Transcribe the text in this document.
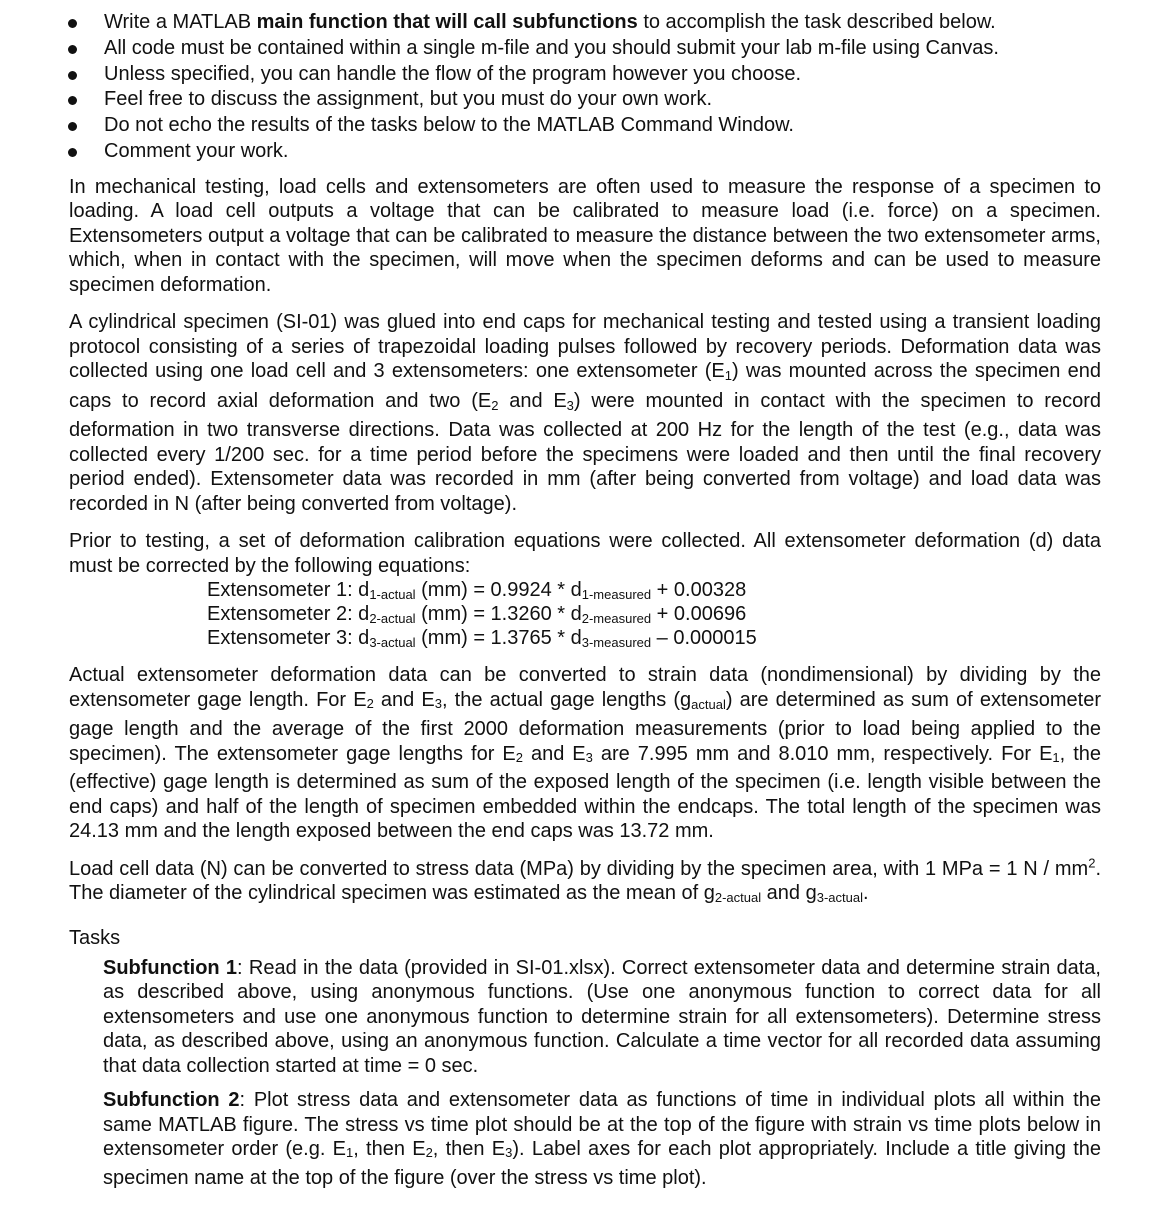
Write a MATLAB main function that will call subfunctions to accomplish the task described below.
All code must be contained within a single m-file and you should submit your lab m-file using Canvas.
Unless specified, you can handle the flow of the program however you choose.
Feel free to discuss the assignment, but you must do your own work.
Do not echo the results of the tasks below to the MATLAB Command Window.
Comment your work.

In mechanical testing, load cells and extensometers are often used to measure the response of a specimen to loading. A load cell outputs a voltage that can be calibrated to measure load (i.e. force) on a specimen. Extensometers output a voltage that can be calibrated to measure the distance between the two extensometer arms, which, when in contact with the specimen, will move when the specimen deforms and can be used to measure specimen deformation.

A cylindrical specimen (SI-01) was glued into end caps for mechanical testing and tested using a transient loading protocol consisting of a series of trapezoidal loading pulses followed by recovery periods. Deformation data was collected using one load cell and 3 extensometers: one extensometer $(E_1)$ was mounted across the specimen end caps to record axial deformation and two ($E_2$ and $E_3$) were mounted in contact with the specimen to record deformation in two transverse directions. Data was collected at 200 Hz for the length of the test (e.g., data was collected every 1/200 sec. for a time period before the specimens were loaded and then until the final recovery period ended). Extensometer data was recorded in mm (after being converted from voltage) and load data was recorded in N (after being converted from voltage).

Prior to testing, a set of deformation calibration equations were collected. All extensometer deformation (d) data must be corrected by the following equations:

Extensometer 1: $d_{1-actual}$ $(mm) = 0.9924 * d_{1-measured} + 0.00328$
Extensometer 2: $d_{2-actual}$ $(mm) = 1.3260 * d_{2-measured} + 0.00696$
Extensometer 3: $d_{3-actual}$ $(mm) = 1.3765 * d_{3-measured} - 0.000015$

Actual extensometer deformation data can be converted to strain data (nondimensional) by dividing by the extensometer gage length. For E2 and E3, the actual gage lengths $(g_{actual})$ are determined as sum of extensometer gage length and the average of the first 2000 deformation measurements (prior to load being applied to the specimen). The extensometer gage lengths for E2 and E3 are 7.995 mm and 8.010 mm, respectively. For E1, the (effective) gage length is determined as sum of the exposed length of the specimen (i.e. length visible between the end caps) and half of the length of specimen embedded within the endcaps. The total length of the specimen was 24.13 mm and the length exposed between the end caps was 13.72 mm.

Load cell data (N) can be converted to stress data (MPa) by dividing by the specimen area, with 1 MPa = 1 N / $mm^2$. The diameter of the cylindrical specimen was estimated as the mean of $g_{2-actual}$ and $g_{3-actual}$.

Tasks

Subfunction 1: Read in the data (provided in SI-01.xlsx). Correct extensometer data and determine strain data, as described above, using anonymous functions. (Use one anonymous function to correct data for all extensometers and use one anonymous function to determine strain for all extensometers). Determine stress data, as described above, using an anonymous function. Calculate a time vector for all recorded data assuming that data collection started at time = 0 sec.

Subfunction 2: Plot stress data and extensometer data as functions of time in individual plots all within the same MATLAB figure. The stress vs time plot should be at the top of the figure with strain vs time plots below in extensometer order (e.g. E1, then E2, then E3). Label axes for each plot appropriately. Include a title giving the specimen name at the top of the figure (over the stress vs time plot).
